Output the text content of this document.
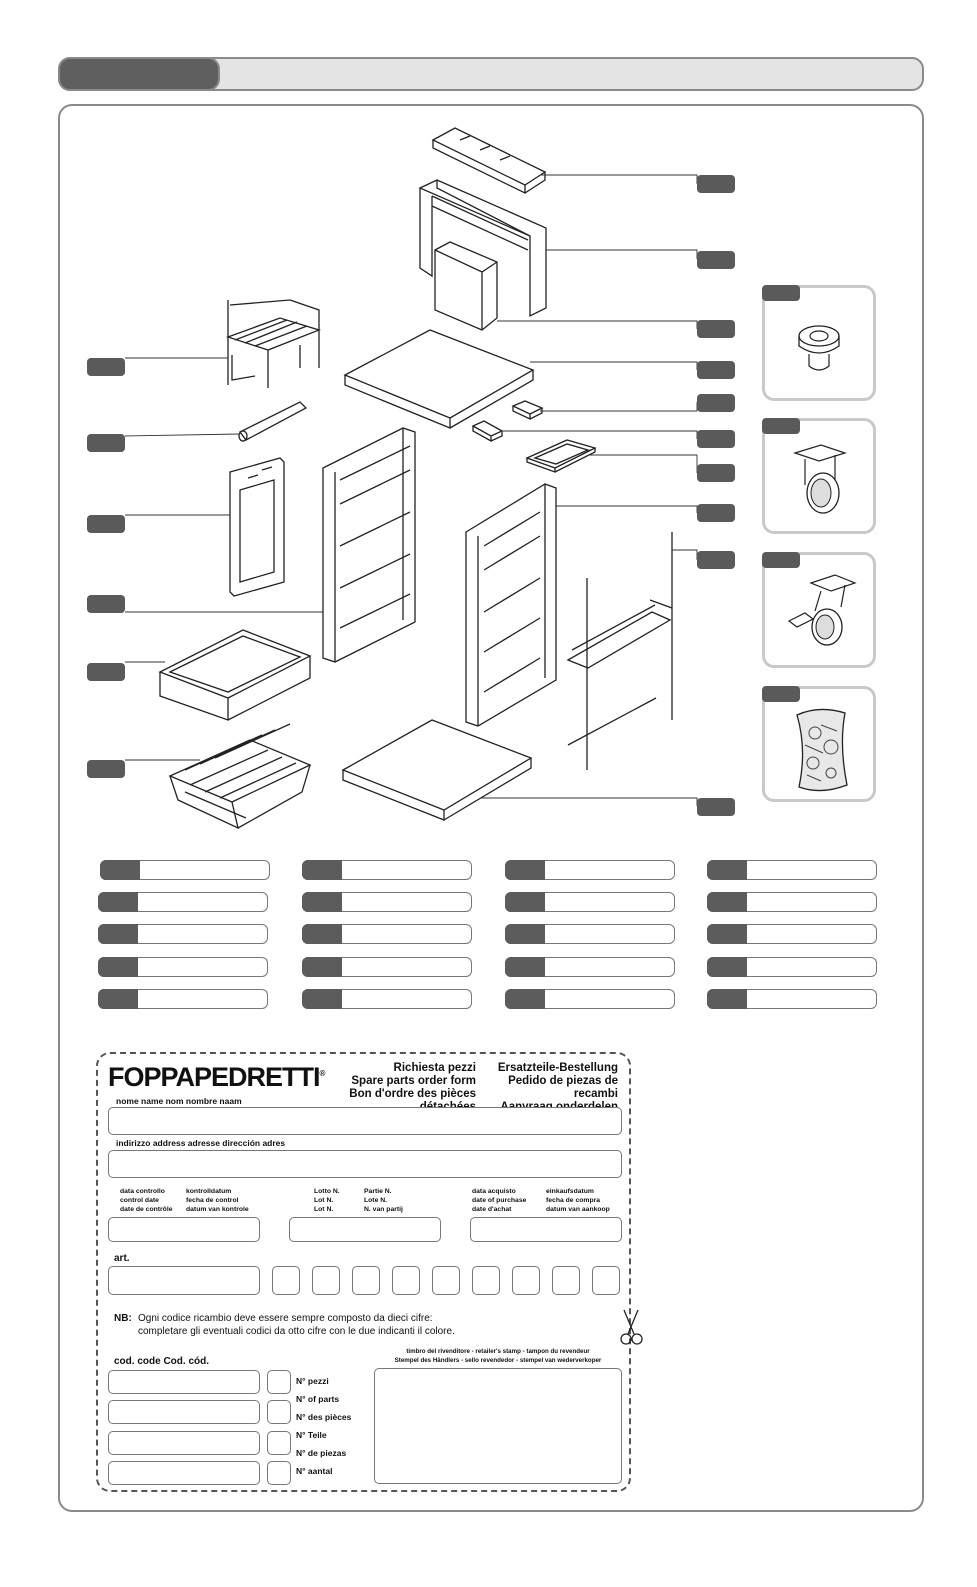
FOPPAPEDRETTI®	Richiesta pezzi
Spare parts order form
Bon d'ordre des pièces
Ersatzteile-Bestellung
Pedido de piezas de recambi
nome name nom nombre naam
indirizzo address adresse dirección adres
data controllo
control date
date de contrôle
kontrolldatum
fecha de control
datum van kontrole
Lotto N.
Lot N.
Lot N.
Partie N.
Lote N.
N. van partij
data acquisto
date of purchase
date d'achat
einkaufsdatum
fecha de compra
datum van aankoop
art.
NB: Ogni codice ricambio deve essere sempre composto da dieci cifre:
completare gli eventuali codici da otto cifre con le due indicanti il colore.
cod. code Cod. cód.
N° pezzi
N° of parts
N° des pièces
N° Teile
N° de piezas
N° aantal
timbro del rivenditore - retailer's stamp - tampon du revendeur
Stempel des Händlers - sello revendedor - stempel van wederverkoper
